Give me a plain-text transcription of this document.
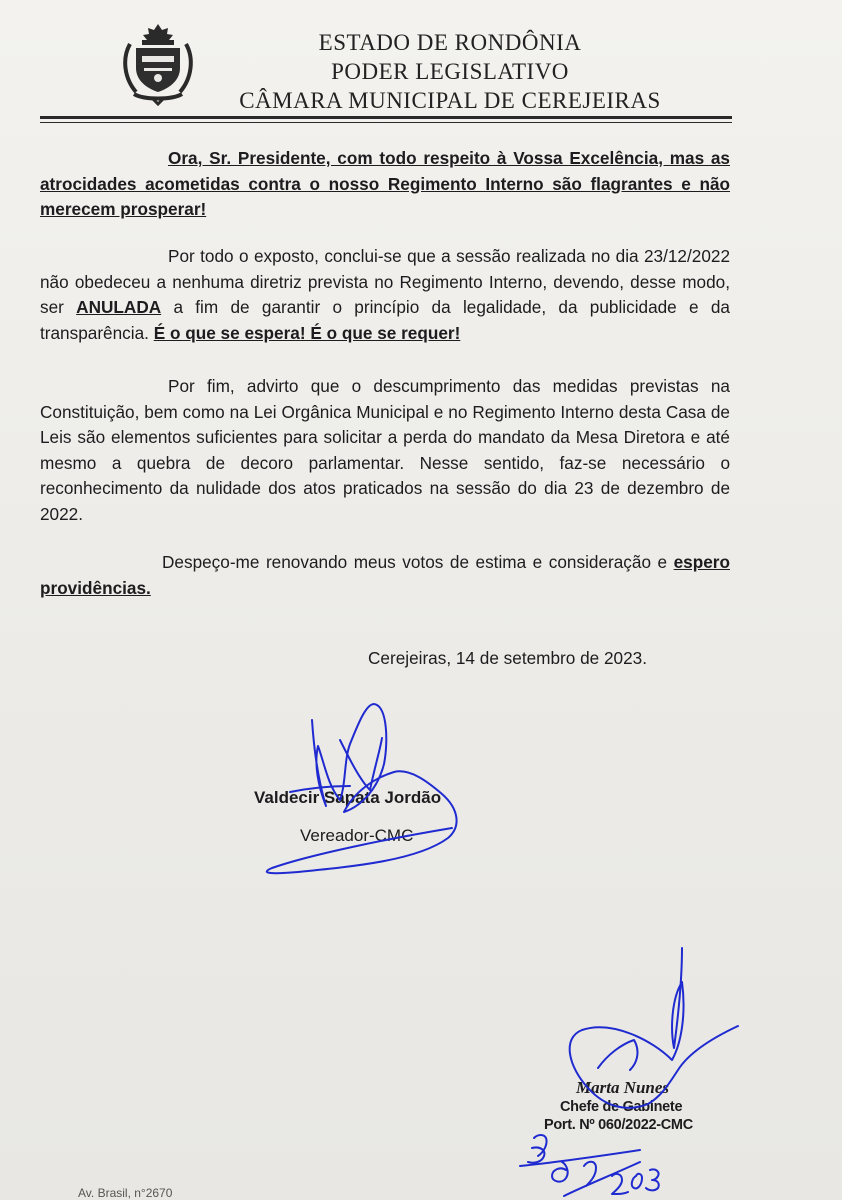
ESTADO DE RONDÔNIA
PODER LEGISLATIVO
CÂMARA MUNICIPAL DE CEREJEIRAS

Ora, Sr. Presidente, com todo respeito à Vossa Excelência, mas as atrocidades acometidas contra o nosso Regimento Interno são flagrantes e não merecem prosperar!

Por todo o exposto, conclui-se que a sessão realizada no dia 23/12/2022 não obedeceu a nenhuma diretriz prevista no Regimento Interno, devendo, desse modo, ser ANULADA a fim de garantir o princípio da legalidade, da publicidade e da transparência. É o que se espera! É o que se requer!

Por fim, advirto que o descumprimento das medidas previstas na Constituição, bem como na Lei Orgânica Municipal e no Regimento Interno desta Casa de Leis são elementos suficientes para solicitar a perda do mandato da Mesa Diretora e até mesmo a quebra de decoro parlamentar. Nesse sentido, faz-se necessário o reconhecimento da nulidade dos atos praticados na sessão do dia 23 de dezembro de 2022.

Despeço-me renovando meus votos de estima e consideração e espero providências.

Cerejeiras, 14 de setembro de 2023.
Valdecir Sapata Jordão
Vereador-CMC
Marta Nunes
Chefe de Gabinete
Port. Nº 060/2022-CMC
Av. Brasil, n°2670
